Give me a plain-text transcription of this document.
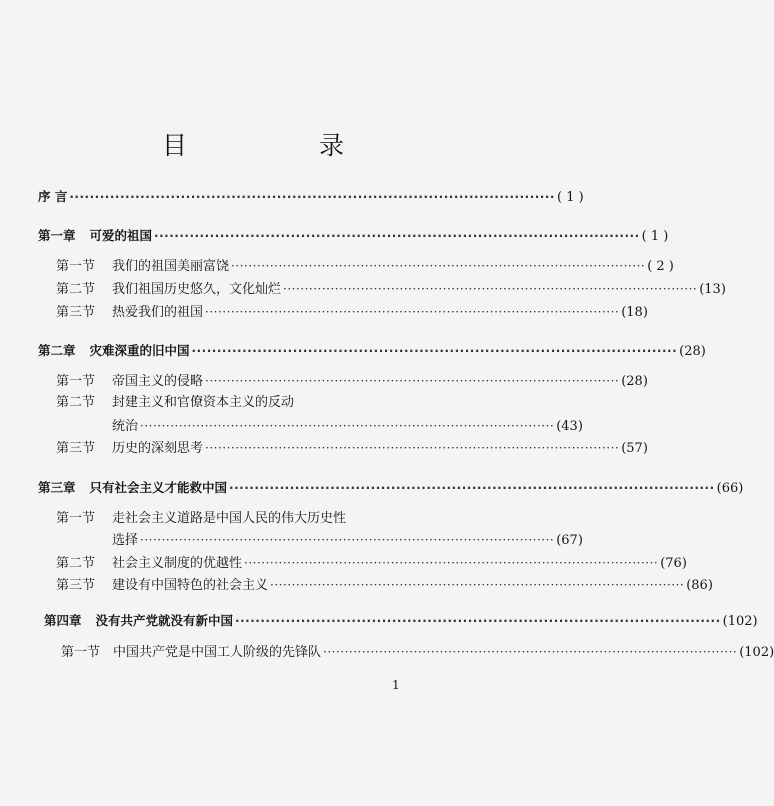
目 录
序 言 ································································································ ( 1 )
第一章	可爱的祖国 ································································································ ( 1 )
第一节	我们的祖国美丽富饶 ································································································ ( 2 )
第二节	我们祖国历史悠久，文化灿烂 ································································································ (13)
第三节	热爱我们的祖国 ································································································ (18)
第二章	灾难深重的旧中国 ································································································ (28)
第一节	帝国主义的侵略 ································································································ (28)
第二节	封建主义和官僚资本主义的反动
统治 ································································································ (43)
第三节	历史的深刻思考 ································································································ (57)
第三章	只有社会主义才能救中国 ································································································ (66)
第一节	走社会主义道路是中国人民的伟大历史性
选择 ································································································ (67)
第二节	社会主义制度的优越性 ································································································ (76)
第三节	建设有中国特色的社会主义 ································································································ (86)
第四章	没有共产党就没有新中国 ································································································ (102)
第一节 中国共产党是中国工人阶级的先锋队 ································································································ (102)
1
